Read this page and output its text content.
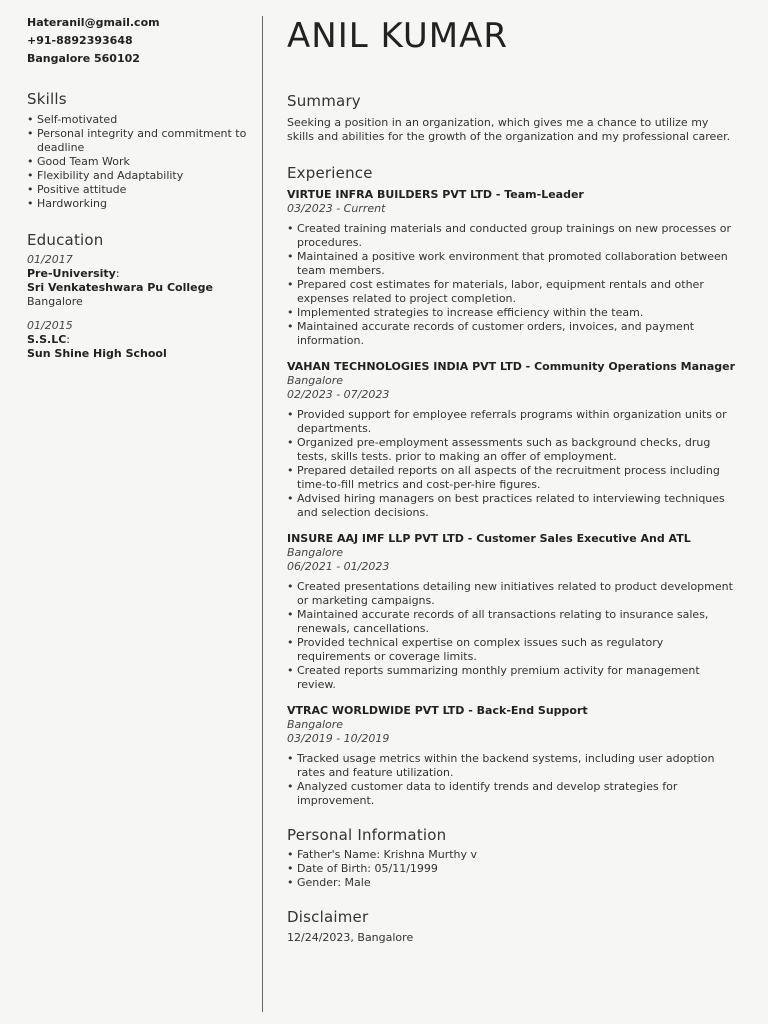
Hateranil@gmail.com
+91-8892393648
Bangalore 560102
Skills
• Self-motivated
• Personal integrity and commitment to deadline
• Good Team Work
• Flexibility and Adaptability
• Positive attitude
• Hardworking
Education
01/2017
Pre-University:
Sri Venkateshwara Pu College
Bangalore
01/2015
S.S.LC:
Sun Shine High School
ANIL KUMAR
Summary
Seeking a position in an organization, which gives me a chance to utilize my skills and abilities for the growth of the organization and my professional career.
Experience
VIRTUE INFRA BUILDERS PVT LTD - Team-Leader
03/2023 - Current
• Created training materials and conducted group trainings on new processes or procedures.
• Maintained a positive work environment that promoted collaboration between team members.
• Prepared cost estimates for materials, labor, equipment rentals and other expenses related to project completion.
• Implemented strategies to increase efficiency within the team.
• Maintained accurate records of customer orders, invoices, and payment information.
VAHAN TECHNOLOGIES INDIA PVT LTD - Community Operations Manager
Bangalore
02/2023 - 07/2023
• Provided support for employee referrals programs within organization units or departments.
• Organized pre-employment assessments such as background checks, drug tests, skills tests. prior to making an offer of employment.
• Prepared detailed reports on all aspects of the recruitment process including time-to-fill metrics and cost-per-hire figures.
• Advised hiring managers on best practices related to interviewing techniques and selection decisions.
INSURE AAJ IMF LLP PVT LTD - Customer Sales Executive And ATL
Bangalore
06/2021 - 01/2023
• Created presentations detailing new initiatives related to product development or marketing campaigns.
• Maintained accurate records of all transactions relating to insurance sales, renewals, cancellations.
• Provided technical expertise on complex issues such as regulatory requirements or coverage limits.
• Created reports summarizing monthly premium activity for management review.
VTRAC WORLDWIDE PVT LTD - Back-End Support
Bangalore
03/2019 - 10/2019
• Tracked usage metrics within the backend systems, including user adoption rates and feature utilization.
• Analyzed customer data to identify trends and develop strategies for improvement.
Personal Information
• Father's Name: Krishna Murthy v
• Date of Birth: 05/11/1999
• Gender: Male
Disclaimer
12/24/2023, Bangalore
